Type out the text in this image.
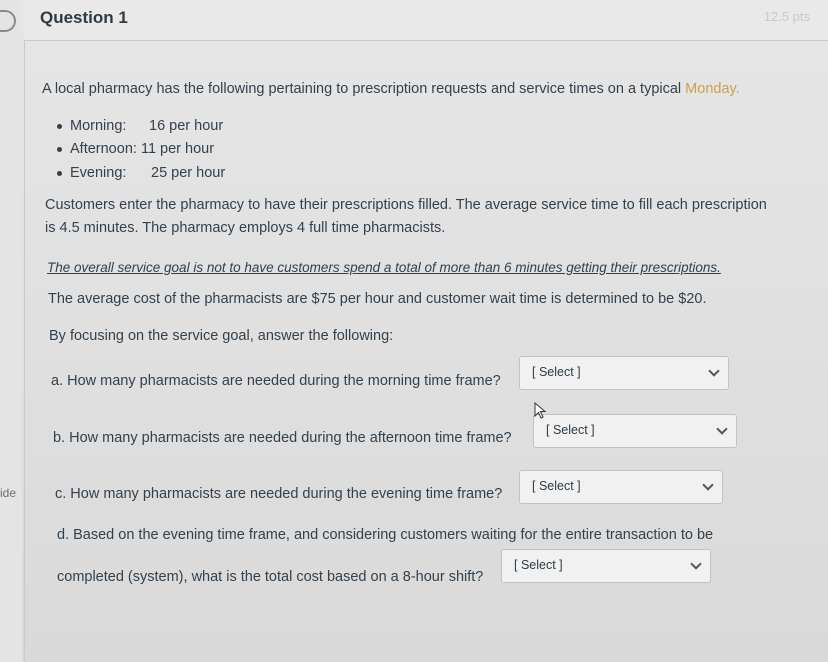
ide
Question 1	12.5 pts
A local pharmacy has the following pertaining to prescription requests and service times on a typical Monday.
Morning: 16 per hour
Afternoon: 11 per hour
Evening: 25 per hour
Customers enter the pharmacy to have their prescriptions filled. The average service time to fill each prescription
is 4.5 minutes. The pharmacy employs 4 full time pharmacists.
The overall service goal is not to have customers spend a total of more than 6 minutes getting their prescriptions.
The average cost of the pharmacists are $75 per hour and customer wait time is determined to be $20.
By focusing on the service goal, answer the following:
a. How many pharmacists are needed during the morning time frame?
[ Select ]
b. How many pharmacists are needed during the afternoon time frame?	[ Select ]
c. How many pharmacists are needed during the evening time frame? [ Select ]
d. Based on the evening time frame, and considering customers waiting for the entire transaction to be
completed (system), what is the total cost based on a 8-hour shift?
[ Select ]
